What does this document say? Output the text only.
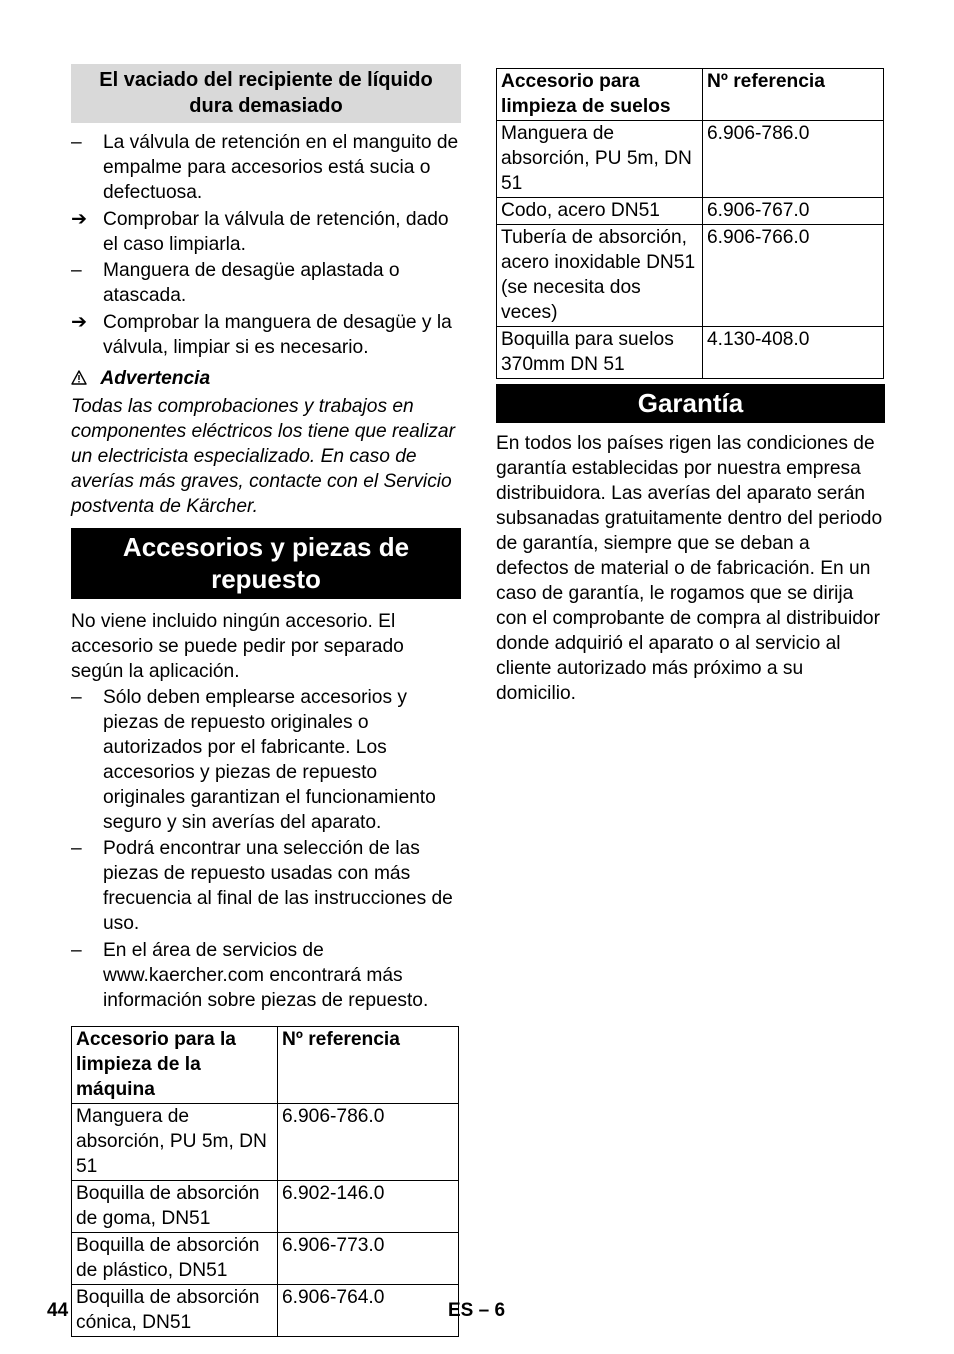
El vaciado del recipiente de líquido dura demasiado
– La válvula de retención en el manguito de empalme para accesorios está sucia o defectuosa.
➔ Comprobar la válvula de retención, dado el caso limpiarla.
– Manguera de desagüe aplastada o atascada.
➔ Comprobar la manguera de desagüe y la válvula, limpiar si es necesario.
Advertencia
Todas las comprobaciones y trabajos en componentes eléctricos los tiene que realizar un electricista especializado. En caso de averías más graves, contacte con el Servicio postventa de Kärcher.
Accesorios y piezas de repuesto

No viene incluido ningún accesorio. El accesorio se puede pedir por separado según la aplicación.

– Sólo deben emplearse accesorios y piezas de repuesto originales o autorizados por el fabricante. Los accesorios y piezas de repuesto originales garantizan el funcionamiento seguro y sin averías del aparato.
– Podrá encontrar una selección de las piezas de repuesto usadas con más frecuencia al final de las instrucciones de uso.
– En el área de servicios de www.kaercher.com encontrará más información sobre piezas de repuesto.
Accesorio para la limpieza de la máquina	Nº referencia
Manguera de absorción, PU 5m, DN 51	6.906-786.0
Boquilla de absorción de goma, DN51	6.902-146.0
Boquilla de absorción de plástico, DN51	6.906-773.0
Boquilla de absorción cónica, DN51	6.906-764.0
Accesorio para limpieza de suelos	Nº referencia
Manguera de absorción, PU 5m, DN 51	6.906-786.0
Codo, acero DN51	6.906-767.0
Tubería de absorción, acero inoxidable DN51 (se necesita dos veces)	6.906-766.0
Boquilla para suelos 370mm DN 51	4.130-408.0
Garantía

En todos los países rigen las condiciones de garantía establecidas por nuestra empresa distribuidora. Las averías del aparato serán subsanadas gratuitamente dentro del periodo de garantía, siempre que se deban a defectos de material o de fabricación. En un caso de garantía, le rogamos que se dirija con el comprobante de compra al distribuidor donde adquirió el aparato o al servicio al cliente autorizado más próximo a su domicilio.

44	ES – 6
